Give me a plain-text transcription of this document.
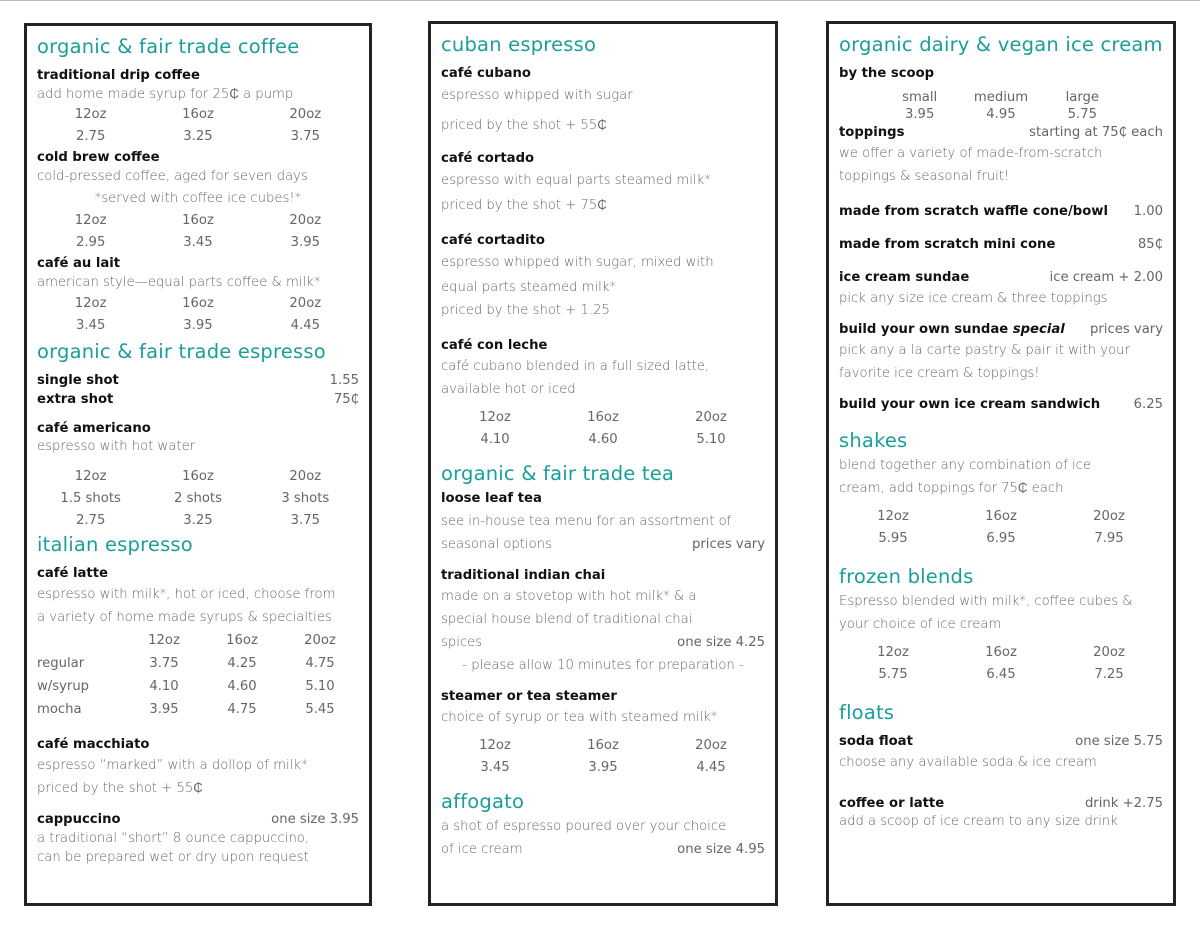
organic & fair trade coffee
traditional drip coffee
add home made syrup for 25₵ a pump
12oz	16oz	20oz
2.75	3.25	3.75
cold brew coffee
cold-pressed coffee, aged for seven days
*served with coffee ice cubes!*
12oz	16oz	20oz
2.95	3.45	3.95
café au lait
american style—equal parts coffee & milk*
12oz	16oz	20oz
3.45	3.95	4.45
organic & fair trade espresso
single shot	1.55
extra shot	75₵
café americano
espresso with hot water
12oz	16oz	20oz
1.5 shots	2 shots	3 shots
2.75	3.25	3.75
italian espresso
café latte
espresso with milk*, hot or iced, choose from
a variety of home made syrups & specialties
12oz	16oz	20oz
regular	3.75	4.25	4.75
w/syrup	4.10	4.60	5.10
mocha	3.95	4.75	5.45
café macchiato
espresso “marked” with a dollop of milk*
priced by the shot + 55₵
cappuccino	one size 3.95
a traditional “short” 8 ounce cappuccino,
can be prepared wet or dry upon request
cuban espresso
café cubano
espresso whipped with sugar
priced by the shot + 55₵
café cortado
espresso with equal parts steamed milk*
priced by the shot + 75₵
café cortadito
espresso whipped with sugar, mixed with
equal parts steamed milk*
priced by the shot + 1.25
café con leche
café cubano blended in a full sized latte,
available hot or iced
12oz	16oz	20oz
4.10	4.60	5.10
organic & fair trade tea
loose leaf tea
see in-house tea menu for an assortment of
seasonal options	prices vary
traditional indian chai
made on a stovetop with hot milk* & a
special house blend of traditional chai
spices	one size 4.25
- please allow 10 minutes for preparation -
steamer or tea steamer
choice of syrup or tea with steamed milk*
12oz	16oz	20oz
3.45	3.95	4.45
affogato
a shot of espresso poured over your choice
of ice cream	one size 4.95
organic dairy & vegan ice cream
by the scoop
small	medium	large
3.95	4.95	5.75
toppings	starting at 75₵ each
we offer a variety of made-from-scratch
toppings & seasonal fruit!
made from scratch waffle cone/bowl 1.00
made from scratch mini cone	85₵
ice cream sundae	ice cream + 2.00
pick any size ice cream & three toppings
build your own sundae special prices vary
pick any a la carte pastry & pair it with your
favorite ice cream & toppings!
build your own ice cream sandwich	6.25
shakes
blend together any combination of ice
cream, add toppings for 75₵ each
12oz	16oz	20oz
5.95	6.95	7.95
frozen blends
Espresso blended with milk*, coffee cubes &
your choice of ice cream
12oz	16oz	20oz
5.75	6.45	7.25
floats
soda float	one size 5.75
choose any available soda & ice cream
coffee or latte	drink +2.75
add a scoop of ice cream to any size drink
